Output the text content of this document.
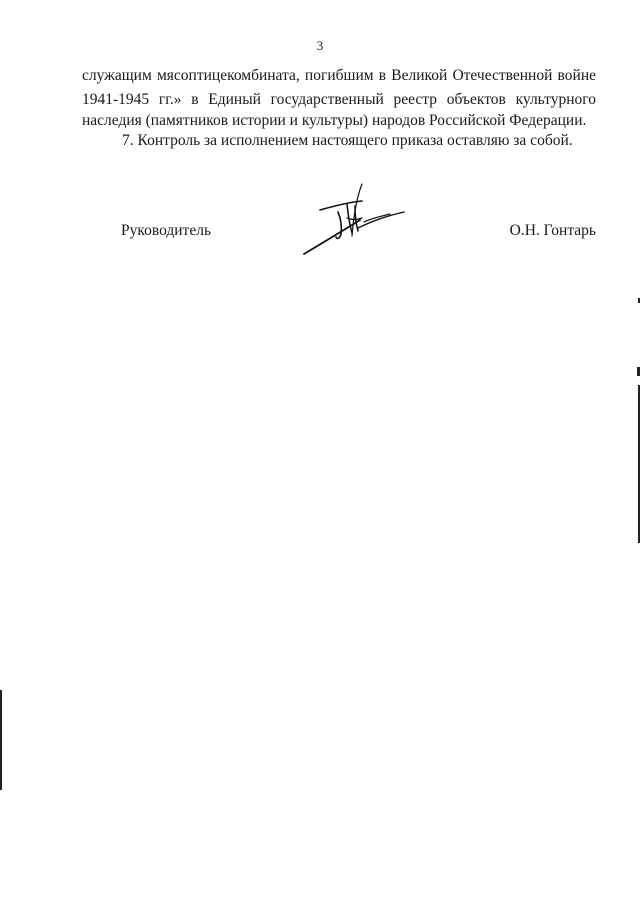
3
служащим мясоптицекомбината, погибшим в Великой Отечественной войне
1941-1945 гг.» в Единый государственный реестр объектов культурного
наследия (памятников истории и культуры) народов Российской Федерации.
7. Контроль за исполнением настоящего приказа оставляю за собой.
Руководитель	О.Н. Гонтарь
